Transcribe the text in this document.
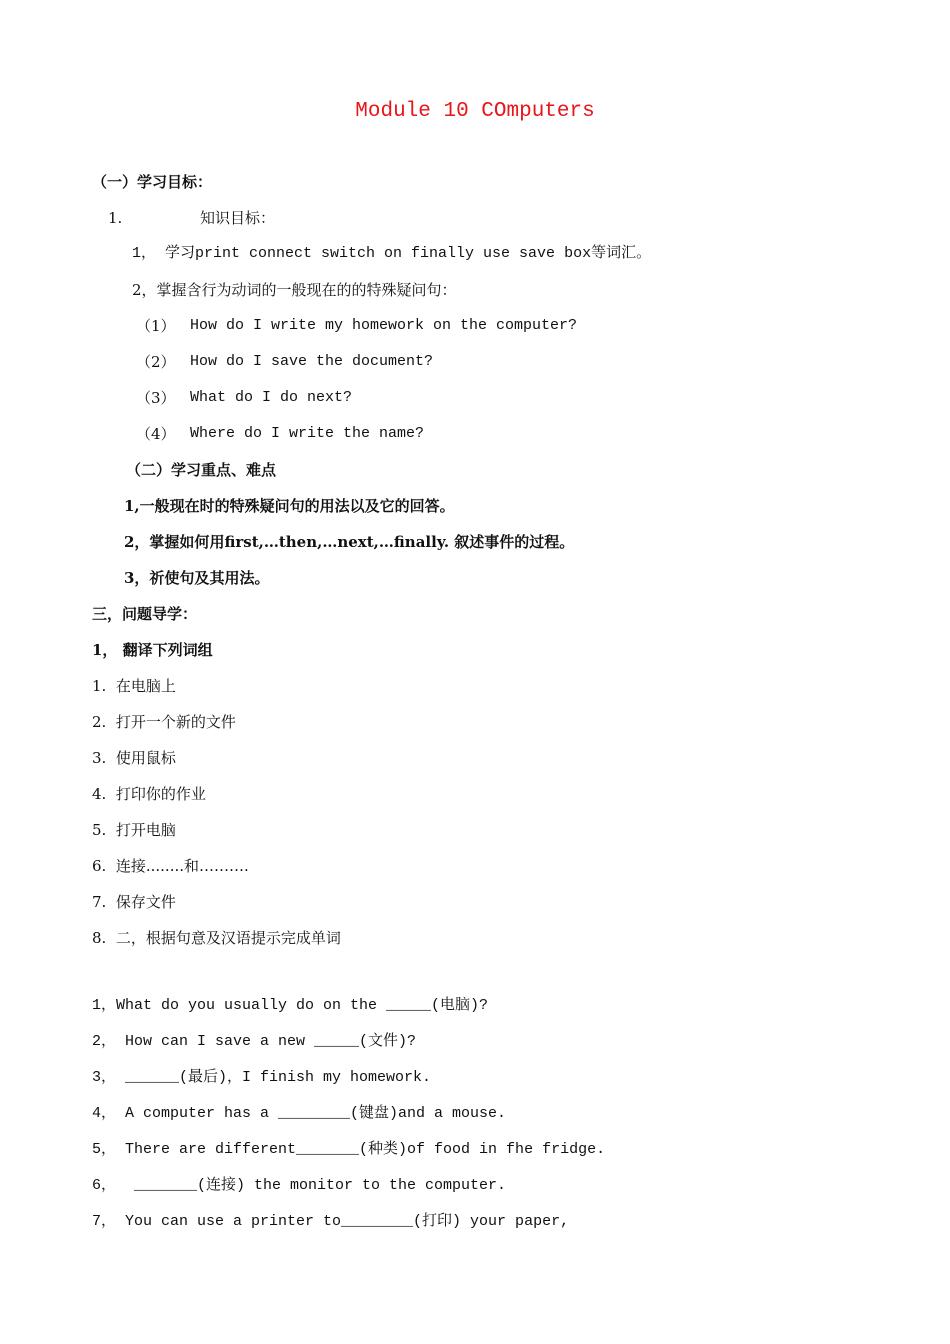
Module 10 COmputers
（一）学习目标：
1.	知识目标：
1， 学习print connect switch on finally use save box等词汇。
2，掌握含行为动词的一般现在的的特殊疑问句：
（1） How do I write my homework on the computer?
（2） How do I save the document?
（3） What do I do next?
（4） Where do I write the name?
（二）学习重点、难点
1,一般现在时的特殊疑问句的用法以及它的回答。
2，掌握如何用first,…then,…next,…finally. 叙述事件的过程。
3，祈使句及其用法。
三，问题导学：
1， 翻译下列词组
1.  在电脑上
2.  打开一个新的文件
3.  使用鼠标
4.  打印你的作业
5.  打开电脑
6.  连接........和……….
7.  保存文件
8.  二，根据句意及汉语提示完成单词
1，What do you usually do on the _____(电脑)?
2， How can I save a new _____(文件)?
3， ______(最后)，I finish my homework.
4， A computer has a ________(键盘)and a mouse.
5， There are different_______(种类)of food in fhe fridge.
6，  _______(连接) the monitor to the computer.
7， You can use a printer to________(打印) your paper,
